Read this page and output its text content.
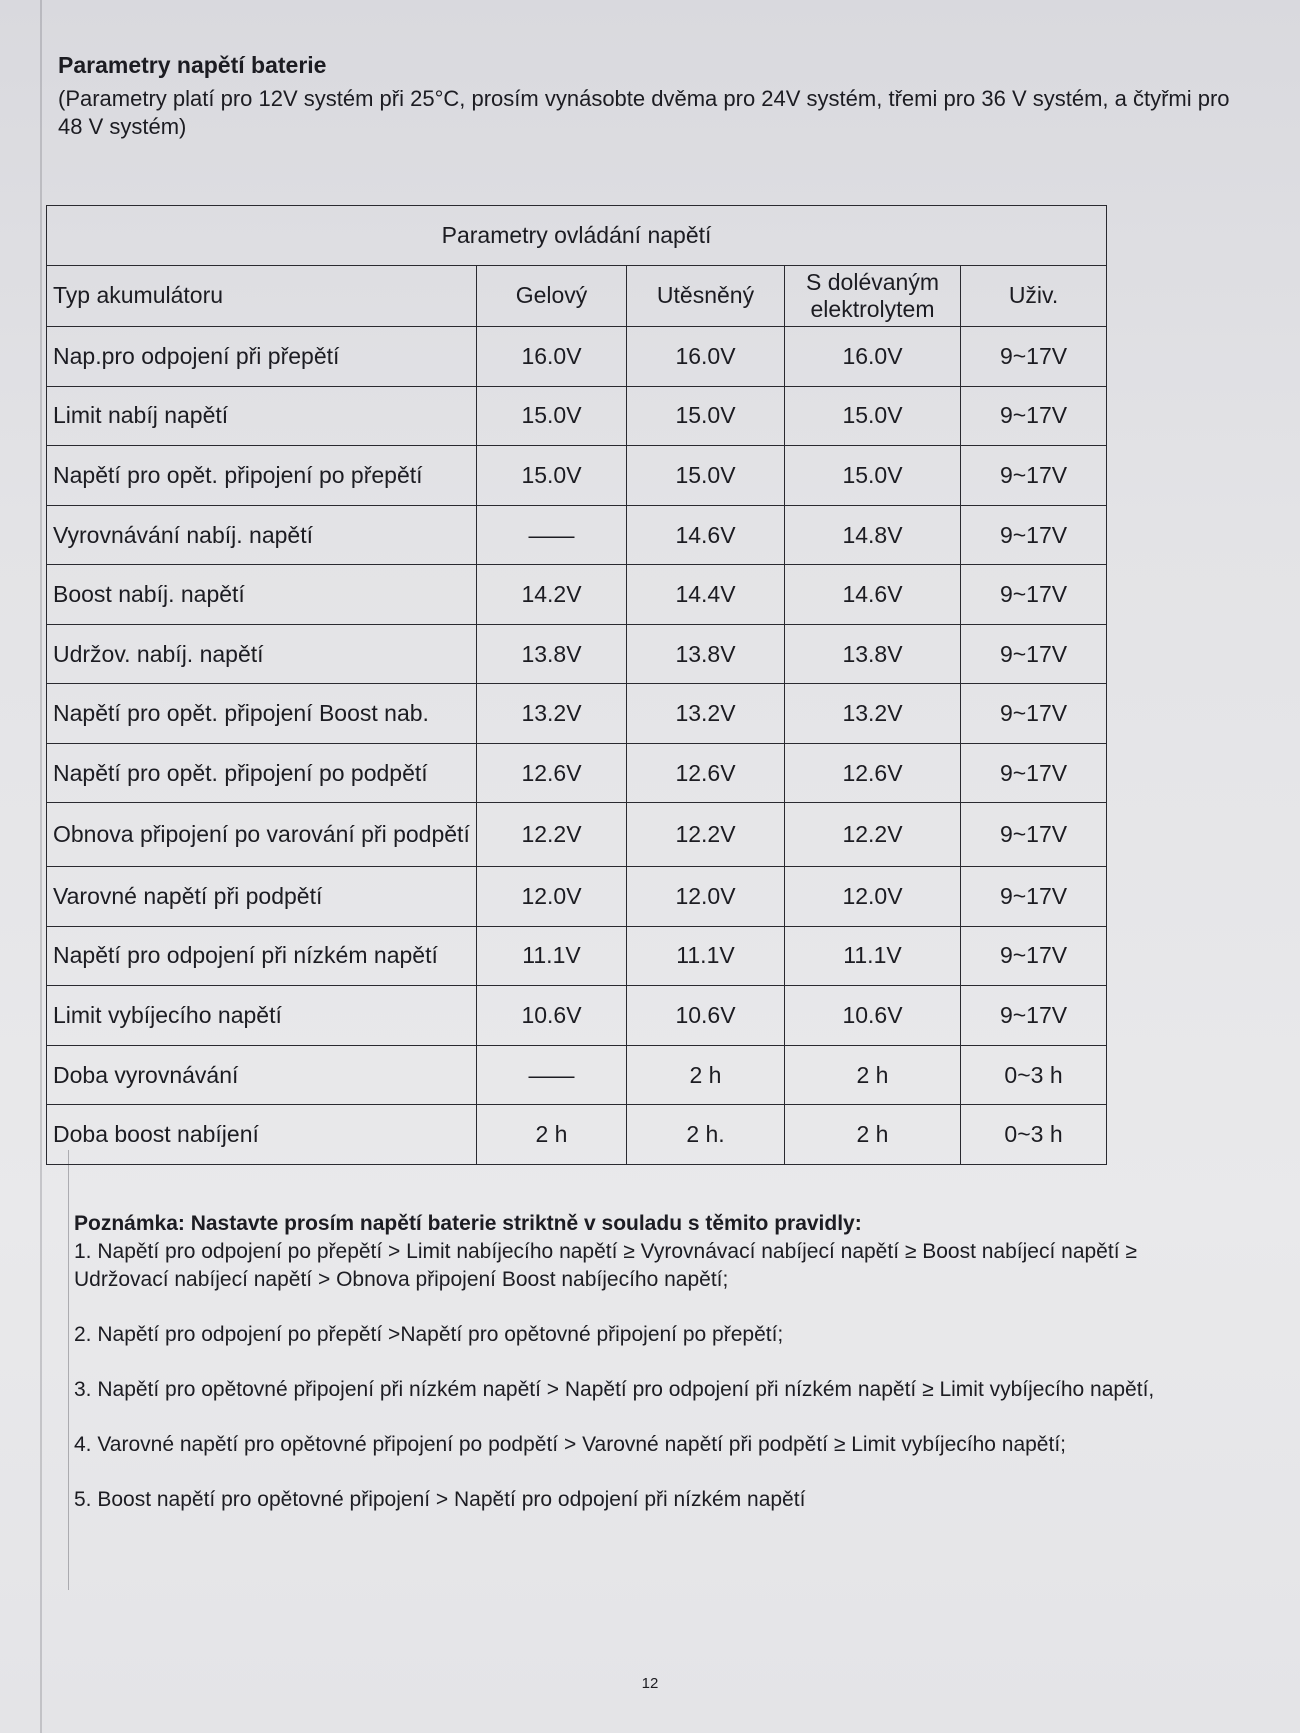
Parametry napětí baterie

(Parametry platí pro 12V systém při 25°C, prosím vynásobte dvěma pro 24V systém, třemi pro 36 V systém, a čtyřmi pro 48 V systém)

Parametry ovládání napětí				
Typ akumulátoru	Gelový	Utěsněný	S dolévaným elektrolytem	Uživ.
Nap.pro odpojení při přepětí	16.0V	16.0V	16.0V	9~17V
Limit nabíj napětí	15.0V	15.0V	15.0V	9~17V
Napětí pro opět. připojení po přepětí	15.0V	15.0V	15.0V	9~17V
Vyrovnávání nabíj. napětí	——	14.6V	14.8V	9~17V
Boost nabíj. napětí	14.2V	14.4V	14.6V	9~17V
Udržov. nabíj. napětí	13.8V	13.8V	13.8V	9~17V
Napětí pro opět. připojení Boost nab.	13.2V	13.2V	13.2V	9~17V
Napětí pro opět. připojení po podpětí	12.6V	12.6V	12.6V	9~17V
Obnova připojení po varování při podpětí	12.2V	12.2V	12.2V	9~17V
Varovné napětí při podpětí	12.0V	12.0V	12.0V	9~17V
Napětí pro odpojení při nízkém napětí	11.1V	11.1V	11.1V	9~17V
Limit vybíjecího napětí	10.6V	10.6V	10.6V	9~17V
Doba vyrovnávání	——	2 h	2 h	0~3 h
Doba boost nabíjení	2 h	2 h.	2 h	0~3 h

Poznámka: Nastavte prosím napětí baterie striktně v souladu s těmito pravidly:

1. Napětí pro odpojení po přepětí > Limit nabíjecího napětí ≥ Vyrovnávací nabíjecí napětí ≥ Boost nabíjecí napětí ≥ Udržovací nabíjecí napětí > Obnova připojení Boost nabíjecího napětí;

2. Napětí pro odpojení po přepětí >Napětí pro opětovné připojení po přepětí;

3. Napětí pro opětovné připojení při nízkém napětí > Napětí pro odpojení při nízkém napětí ≥ Limit vybíjecího napětí,

4. Varovné napětí pro opětovné připojení po podpětí > Varovné napětí při podpětí ≥ Limit vybíjecího napětí;

5. Boost napětí pro opětovné připojení > Napětí pro odpojení při nízkém napětí

12
